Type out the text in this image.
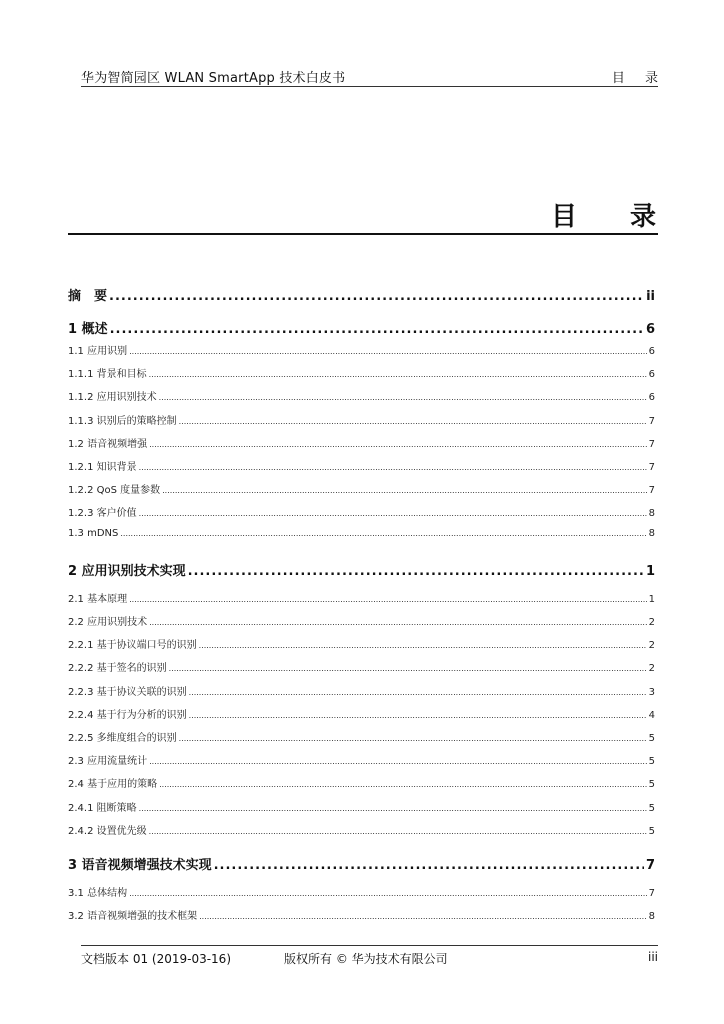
华为智简园区 WLAN SmartApp 技术白皮书	目 录
目 录
摘　要 .....	ii
1 概述 .....	6
1.1 应用识别 .....	6
1.1.1 背景和目标 .....	6
1.1.2 应用识别技术 .....	6
1.1.3 识别后的策略控制 .....	7
1.2 语音视频增强 .....	7
1.2.1 知识背景 .....	7
1.2.2 QoS 度量参数 .....	7
1.2.3 客户价值 .....	8
1.3 mDNS .....	8
2 应用识别技术实现 .....	1
2.1 基本原理 .....	1
2.2 应用识别技术 .....	2
2.2.1 基于协议端口号的识别 .....	2
2.2.2 基于签名的识别 .....	2
2.2.3 基于协议关联的识别 .....	3
2.2.4 基于行为分析的识别 .....	4
2.2.5 多维度组合的识别 .....	5
2.3 应用流量统计 .....	5
2.4 基于应用的策略 .....	5
2.4.1 阻断策略 .....	5
2.4.2 设置优先级 .....	5
3 语音视频增强技术实现 .....	7
3.1 总体结构 .....	7
3.2 语音视频增强的技术框架 .....	8
文档版本 01 (2019-03-16)	版权所有 © 华为技术有限公司	iii
